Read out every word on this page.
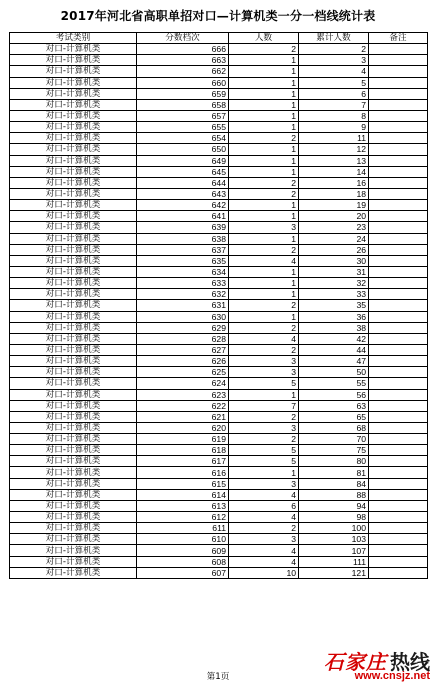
2017年河北省高职单招对口—计算机类一分一档线统计表
考试类别	分数档次	人数	累计人数	备注
对口-计算机类	666	2	2	
对口-计算机类	663	1	3	
对口-计算机类	662	1	4	
对口-计算机类	660	1	5	
对口-计算机类	659	1	6	
对口-计算机类	658	1	7	
对口-计算机类	657	1	8	
对口-计算机类	655	1	9	
对口-计算机类	654	2	11	
对口-计算机类	650	1	12	
对口-计算机类	649	1	13	
对口-计算机类	645	1	14	
对口-计算机类	644	2	16	
对口-计算机类	643	2	18	
对口-计算机类	642	1	19	
对口-计算机类	641	1	20	
对口-计算机类	639	3	23	
对口-计算机类	638	1	24	
对口-计算机类	637	2	26	
对口-计算机类	635	4	30	
对口-计算机类	634	1	31	
对口-计算机类	633	1	32	
对口-计算机类	632	1	33	
对口-计算机类	631	2	35	
对口-计算机类	630	1	36	
对口-计算机类	629	2	38	
对口-计算机类	628	4	42	
对口-计算机类	627	2	44	
对口-计算机类	626	3	47	
对口-计算机类	625	3	50	
对口-计算机类	624	5	55	
对口-计算机类	623	1	56	
对口-计算机类	622	7	63	
对口-计算机类	621	2	65	
对口-计算机类	620	3	68	
对口-计算机类	619	2	70	
对口-计算机类	618	5	75	
对口-计算机类	617	5	80	
对口-计算机类	616	1	81	
对口-计算机类	615	3	84	
对口-计算机类	614	4	88	
对口-计算机类	613	6	94	
对口-计算机类	612	4	98	
对口-计算机类	611	2	100	
对口-计算机类	610	3	103	
对口-计算机类	609	4	107	
对口-计算机类	608	4	111	
对口-计算机类	607	10	121	
第1页
石家庄 热线
www.cnsjz.net
